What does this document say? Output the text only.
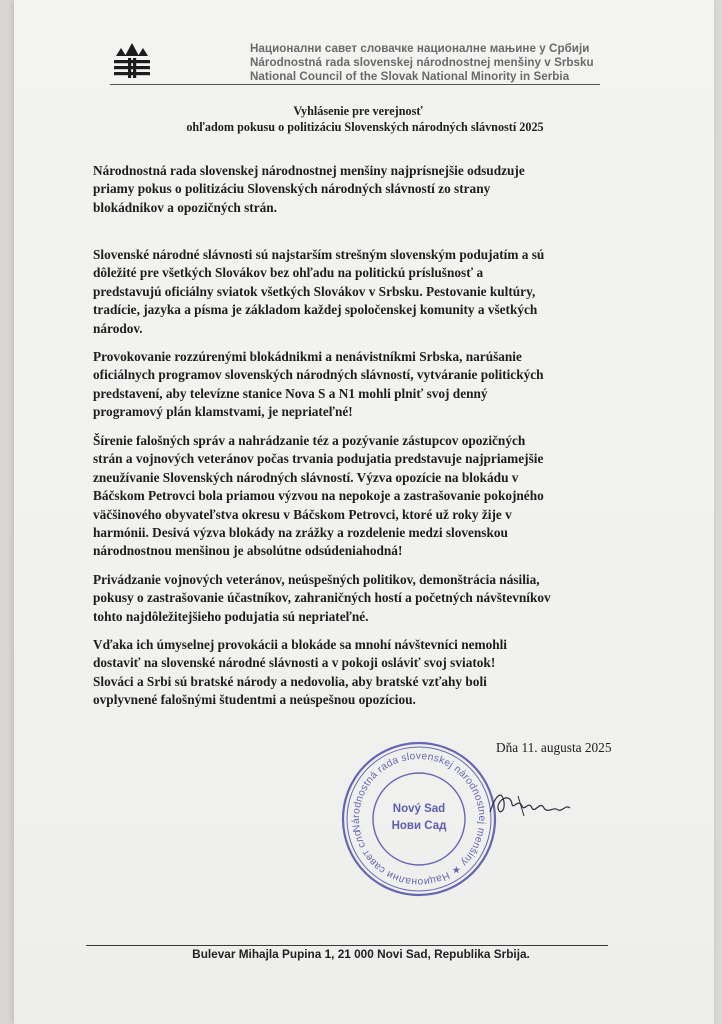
Национални савет словачке националне мањине у Србији
Národnostná rada slovenskej národnostnej menšiny v Srbsku
National Council of the Slovak National Minority in Serbia
Vyhlásenie pre verejnosť
ohľadom pokusu o politizáciu Slovenských národných slávností 2025
Národnostná rada slovenskej národnostnej menšiny najprísnejšie odsudzuje
priamy pokus o politizáciu Slovenských národných slávností zo strany
blokádnikov a opozičných strán.
Slovenské národné slávnosti sú najstarším strešným slovenským podujatím a sú
dôležité pre všetkých Slovákov bez ohľadu na politickú príslušnosť a
predstavujú oficiálny sviatok všetkých Slovákov v Srbsku. Pestovanie kultúry,
tradície, jazyka a písma je základom každej spoločenskej komunity a všetkých
národov.
Provokovanie rozzúrenými blokádnikmi a nenávistníkmi Srbska, narúšanie
oficiálnych programov slovenských národných slávností, vytváranie politických
predstavení, aby televízne stanice Nova S a N1 mohli plniť svoj denný
programový plán klamstvami, je nepriateľné!
Šírenie falošných správ a nahrádzanie téz a pozývanie zástupcov opozičných
strán a vojnových veteránov počas trvania podujatia predstavuje najpriamejšie
zneužívanie Slovenských národných slávností. Výzva opozície na blokádu v
Báčskom Petrovci bola priamou výzvou na nepokoje a zastrašovanie pokojného
väčšinového obyvateľstva okresu v Báčskom Petrovci, ktoré už roky žije v
harmónii. Desivá výzva blokády na zrážky a rozdelenie medzi slovenskou
národnostnou menšinou je absolútne odsúdeniahodná!
Privádzanie vojnových veteránov, neúspešných politikov, demonštrácia násilia,
pokusy o zastrašovanie účastníkov, zahraničných hostí a početných návštevníkov
tohto najdôležitejšieho podujatia sú nepriateľné.
Vďaka ich úmyselnej provokácii a blokáde sa mnohí návštevníci nemohli
dostaviť na slovenské národné slávnosti a v pokoji osláviť svoj sviatok!
Slováci a Srbi sú bratské národy a nedovolia, aby bratské vzťahy boli
ovplyvnené falošnými študentmi a neúspešnou opozíciou.
Dňa 11. augusta 2025
Národnostná rada slovenskej národnostnej menšiny ★ Национални савет словачке
Nový Sad
Нови Сад
Bulevar Mihajla Pupina 1, 21 000 Novi Sad, Republika Srbija.
